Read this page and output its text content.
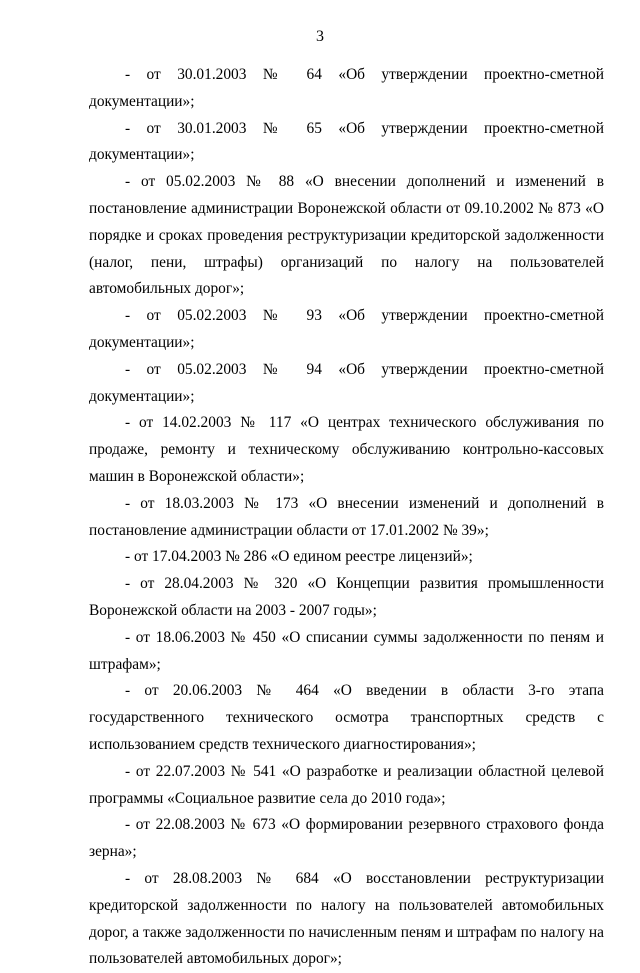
3

- от 30.01.2003 № 64 «Об утверждении проектно-сметной документации»;

- от 30.01.2003 № 65 «Об утверждении проектно-сметной документации»;

- от 05.02.2003 № 88 «О внесении дополнений и изменений в постановление администрации Воронежской области от 09.10.2002 № 873 «О порядке и сроках проведения реструктуризации кредиторской задолженности (налог, пени, штрафы) организаций по налогу на пользователей автомобильных дорог»;

- от 05.02.2003 № 93 «Об утверждении проектно-сметной документации»;

- от 05.02.2003 № 94 «Об утверждении проектно-сметной документации»;

- от 14.02.2003 № 117 «О центрах технического обслуживания по продаже, ремонту и техническому обслуживанию контрольно-кассовых машин в Воронежской области»;

- от 18.03.2003 № 173 «О внесении изменений и дополнений в постановление администрации области от 17.01.2002 № 39»;

- от 17.04.2003 № 286 «О едином реестре лицензий»;

- от 28.04.2003 № 320 «О Концепции развития промышленности Воронежской области на 2003 - 2007 годы»;

- от 18.06.2003 № 450 «О списании суммы задолженности по пеням и штрафам»;

- от 20.06.2003 № 464 «О введении в области 3-го этапа государственного технического осмотра транспортных средств с использованием средств технического диагностирования»;

- от 22.07.2003 № 541 «О разработке и реализации областной целевой программы «Социальное развитие села до 2010 года»;

- от 22.08.2003 № 673 «О формировании резервного страхового фонда зерна»;

- от 28.08.2003 № 684 «О восстановлении реструктуризации кредиторской задолженности по налогу на пользователей автомобильных дорог, а также задолженности по начисленным пеням и штрафам по налогу на пользователей автомобильных дорог»;
